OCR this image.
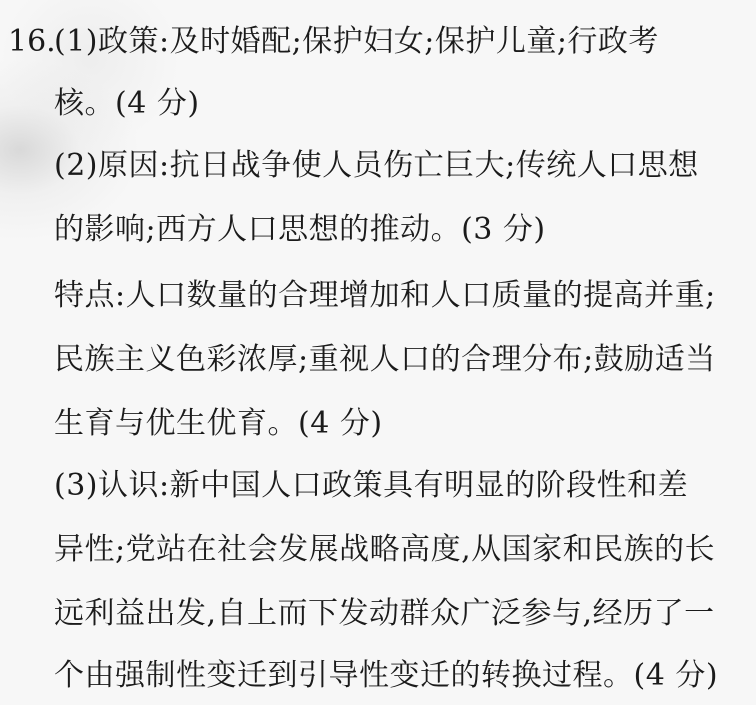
16.
(1)政策:及时婚配;保护妇女;保护儿童;行政考
核。(4 分)
(2)原因:抗日战争使人员伤亡巨大;传统人口思想
的影响;西方人口思想的推动。(3 分)
特点:人口数量的合理增加和人口质量的提高并重;
民族主义色彩浓厚;重视人口的合理分布;鼓励适当
生育与优生优育。(4 分)
(3)认识:新中国人口政策具有明显的阶段性和差
异性;党站在社会发展战略高度,从国家和民族的长
远利益出发,自上而下发动群众广泛参与,经历了一
个由强制性变迁到引导性变迁的转换过程。(4 分)
